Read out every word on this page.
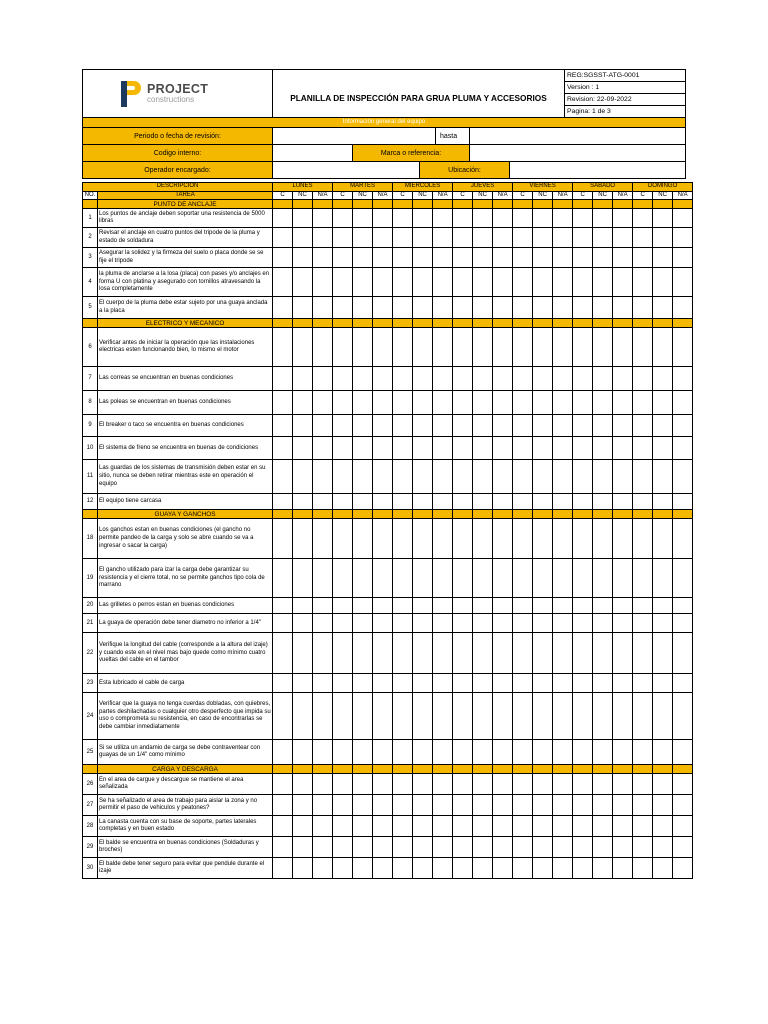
PROJECT
constructions	PLANILLA DE INSPECCIÓN PARA GRUA PLUMA Y ACCESORIOS
REG:SGSST-ATG-0001
Version : 1
Revision: 22-09-2022
Pagina: 1 de 3
Información general del equipo
Periodo o fecha de revisión:	hasta
Codigo interno:	Marca o referencia:
Operador encargado:	Ubicación:
DESCRIPCIÓN		LUNES			MARTES			MIERCOLES			JUEVES			VIERNES			SÁBADO			DOMINGO		
NO.	TAREA	C	NC	N/A	C	NC	N/A	C	NC	N/A	C	NC	N/A	C	NC	N/A	C	NC	N/A	C	NC	N/A
	PUNTO DE ANCLAJE																					
1	Los puntos de anclaje deben soportar una resistencia de 5000 libras																					
2	Revisar el anclaje en cuatro puntos del tripode de la pluma y estado de soldadura																					
3	Asegurar la solidez y la firmeza del suelo o placa donde se se fije el tripode																					
4	la pluma de anclarse a la losa (placa) con pases y/o anclajes en forma U con platina y asegurado con tornillos atravesando la losa completamente																					
5	El cuerpo de la pluma debe estar sujeto por una guaya anclada a la placa																					
	ELECTRICO Y MECANICO																					
6	Verificar antes de iniciar la operación que las instalaciones electricas esten funcionando bien, lo mismo el motor																					
7	Las correas se encuentran en buenas condiciones																					
8	Las poleas se encuentran en buenas condiciones																					
9	El breaker o taco se encuentra en buenas condiciones																					
10	El sistema de freno se encuentra en buenas de condiciones																					
11	Las guardas de los sistemas de transmisión deben estar en su sitio, nunca se deben retirar mientras este en operación el equipo																					
12	El equipo tiene carcasa																					
	GUAYA Y GANCHOS																					
18	Los ganchos estan en buenas condiciones (el gancho no permite pandeo de la carga y solo se abre cuando se va a ingresar o sacar la carga)																					
19	El gancho utilizado para izar la carga debe garantizar su resistencia y el cierre total, no se permite ganchos tipo cola de marrano																					
20	Las grilletes o perros estan en buenas condiciones																					
21	La guaya de operación debe tener diametro no inferior a 1/4"																					
22	Verifique la longitud del cable (corresponde a la altura del izaje) y cuando este en el nivel mas bajo quede como mínimo cuatro vueltas del cable en el tambor																					
23	Esta lubricado el cable de carga																					
24	Verificar que la guaya no tenga cuerdas dobladas, con quiebres, partes deshilachadas o cualquier otro desperfecto que impida su uso o comprometa su resistencia, en caso de encontrarlas se debe cambiar inmediatamente																					
25	Si se utiliza un andamio de carga se debe contraventear con guayas de un 1/4" como mínimo																					
	CARGA Y DESCARGA																					
26	En el area de cargue y descargue se mantiene el area señalizada																					
27	Se ha señalizado el area de trabajo para aislar la zona y no permitir el paso de vehiculos y peatones?																					
28	La canasta cuenta con su base de soporte, partes laterales completas y en buen estado																					
29	El balde se encuentra en buenas condiciones (Soldaduras y broches)																					
30	El balde debe tener seguro para evitar que pendule durante el izaje																					
